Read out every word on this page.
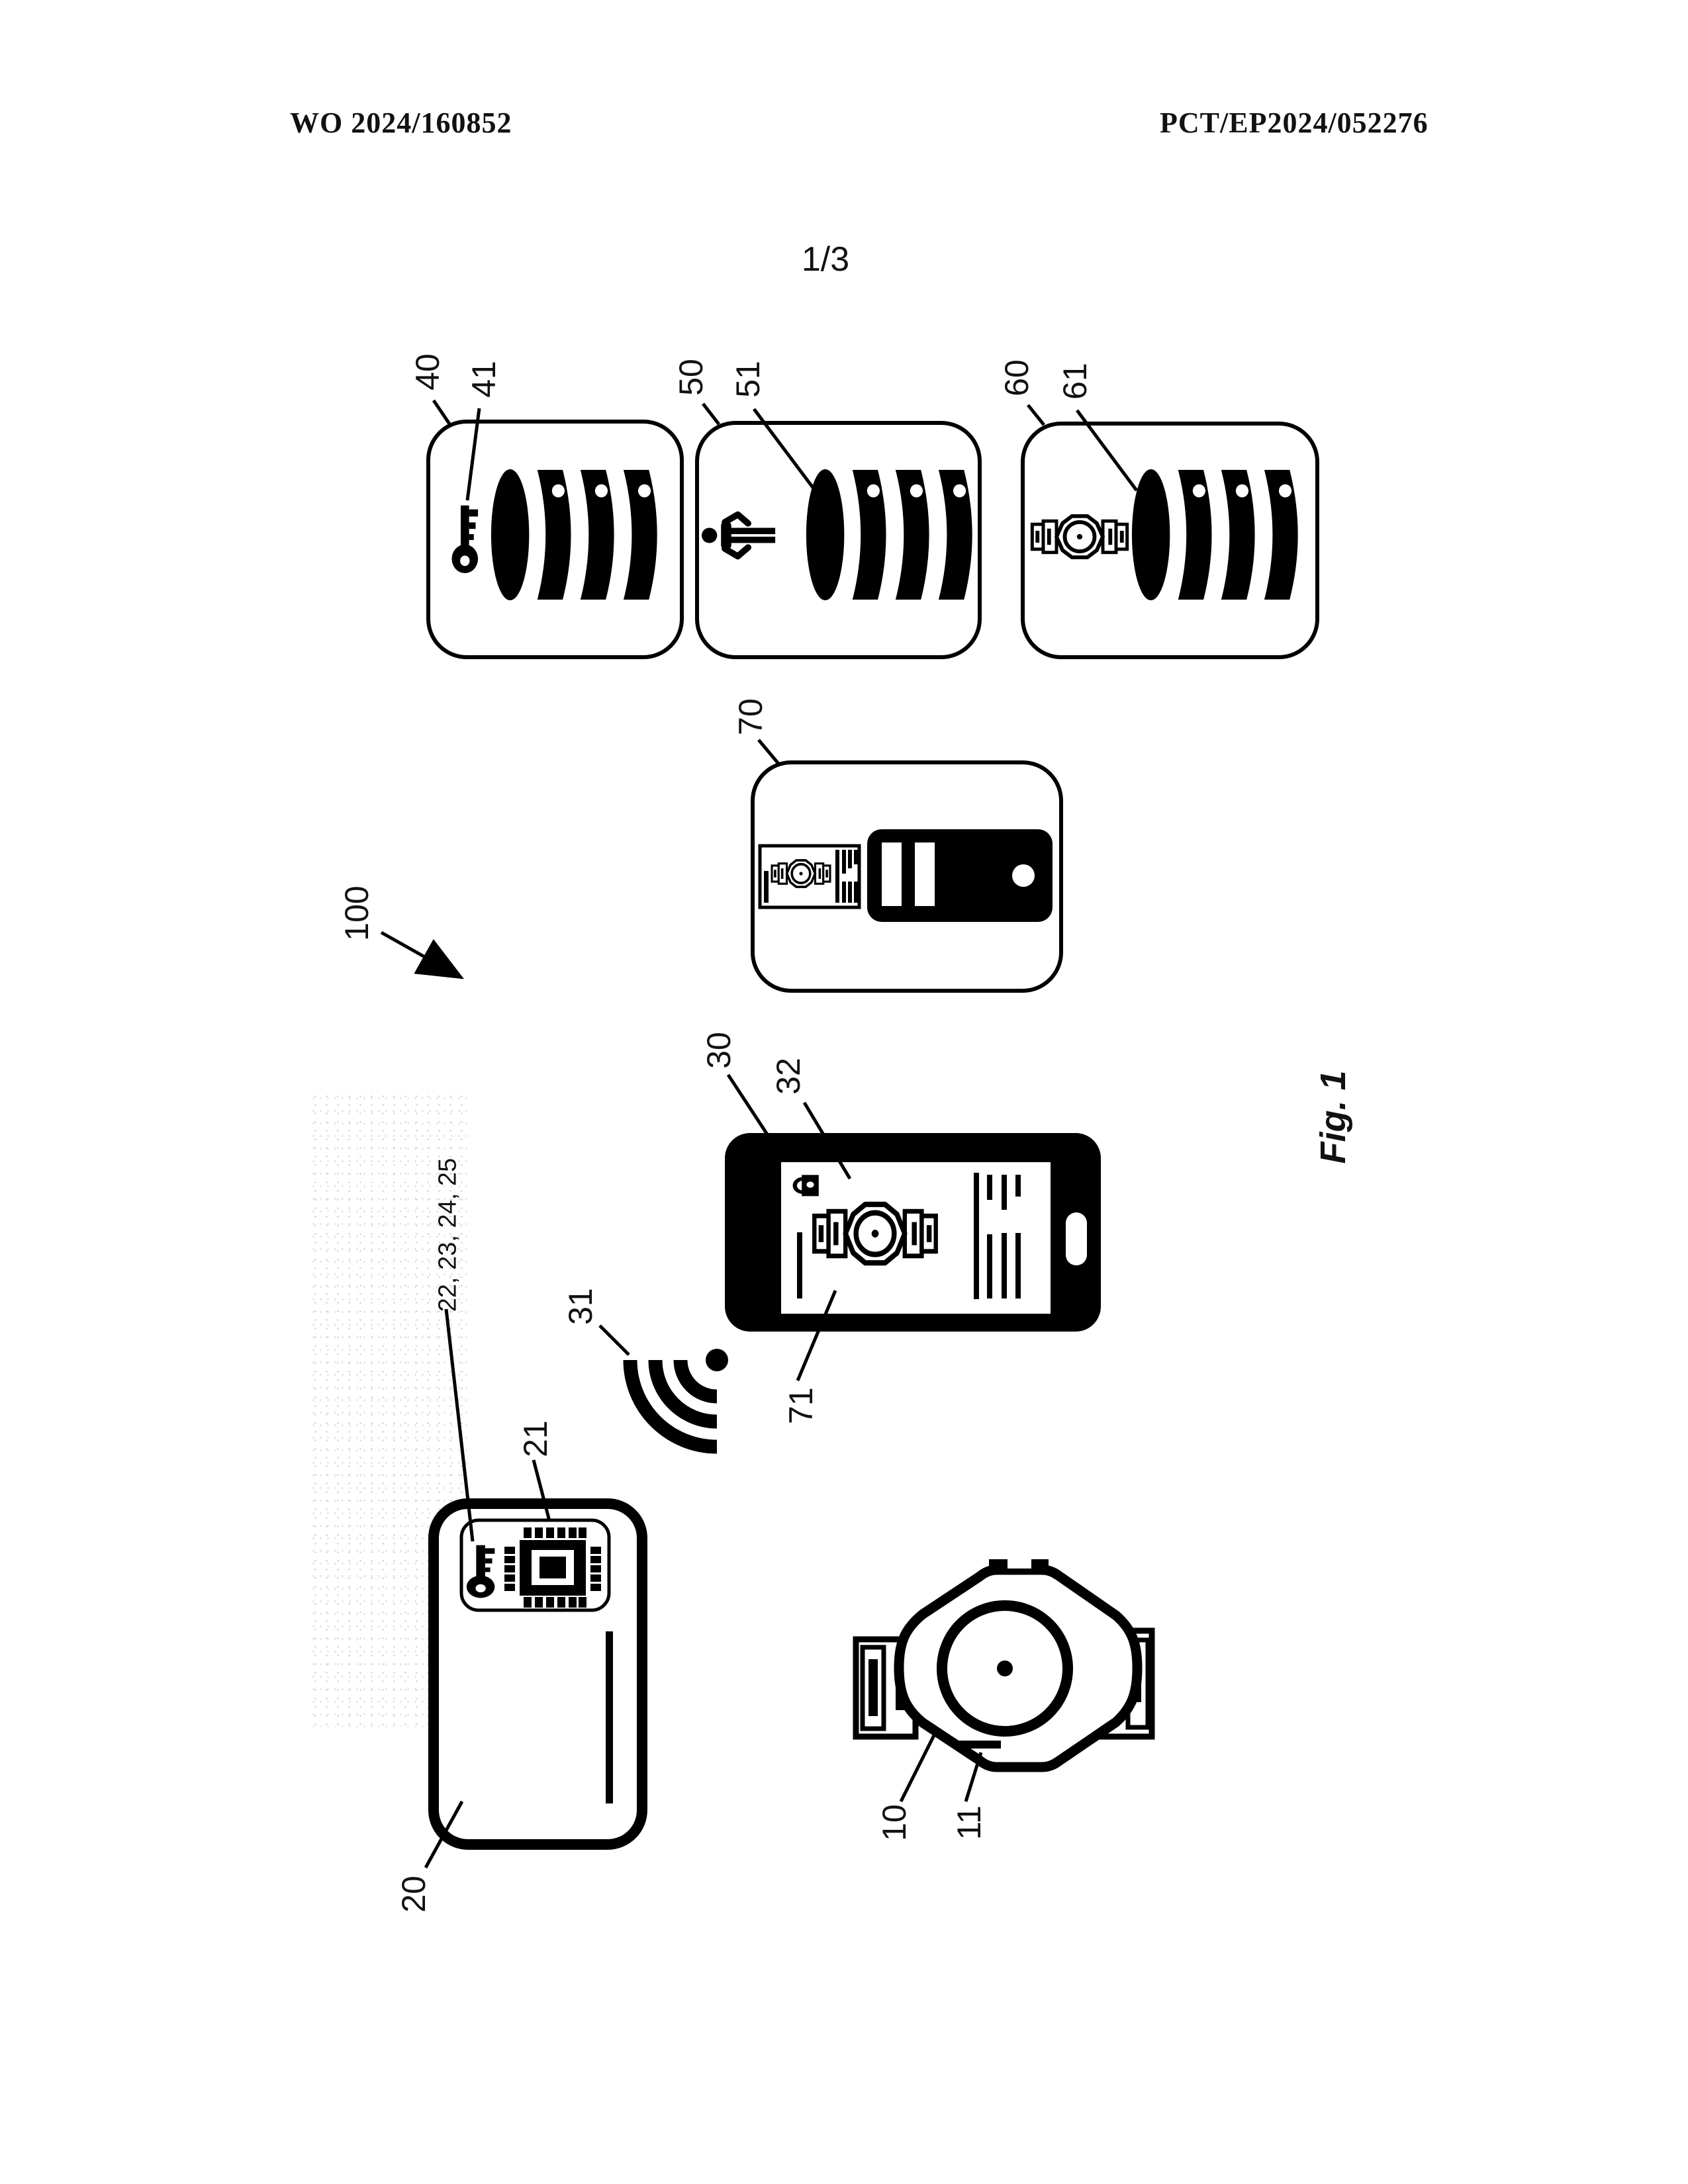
WO 2024/160852	PCT/EP2024/052276
1/3
40 41	50 51	60 61
70
100
30
32
31
71
22, 23, 24, 25
21
20
10 11
Fig. 1
